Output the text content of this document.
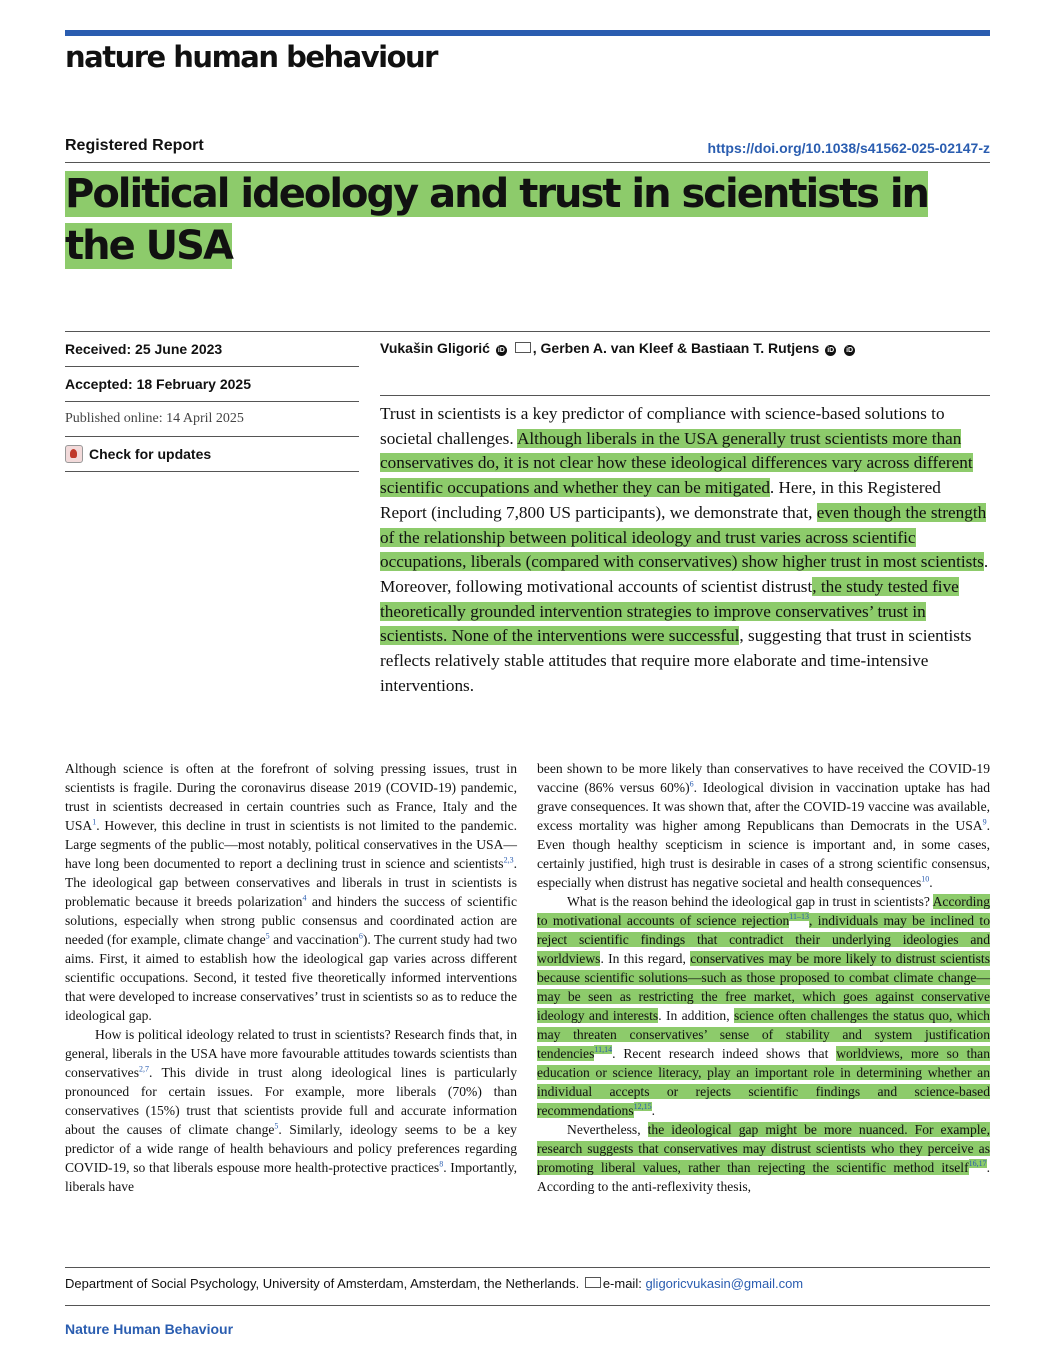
nature human behaviour
Registered Report	https://doi.org/10.1038/s41562-025-02147-z
Political ideology and trust in scientists in the USA
Received: 25 June 2023
Accepted: 18 February 2025
Published online: 14 April 2025
Check for updates
Vukašin Gligorić iD , Gerben A. van Kleef & Bastiaan T. Rutjens iD iD

Trust in scientists is a key predictor of compliance with science-based solutions to societal challenges. Although liberals in the USA generally trust scientists more than conservatives do, it is not clear how these ideological differences vary across different scientific occupations and whether they can be mitigated. Here, in this Registered Report (including 7,800 US participants), we demonstrate that, even though the strength of the relationship between political ideology and trust varies across scientific occupations, liberals (compared with conservatives) show higher trust in most scientists. Moreover, following motivational accounts of scientist distrust, the study tested five theoretically grounded intervention strategies to improve conservatives’ trust in scientists. None of the interventions were successful, suggesting that trust in scientists reflects relatively stable attitudes that require more elaborate and time-intensive interventions.

Although science is often at the forefront of solving pressing issues, trust in scientists is fragile. During the coronavirus disease 2019 (COVID-19) pandemic, trust in scientists decreased in certain countries such as France, Italy and the USA$^1$. However, this decline in trust in scientists is not limited to the pandemic. Large segments of the public—most notably, political conservatives in the USA—have long been documented to report a declining trust in science and scientists$^{2,3}$. The ideological gap between conservatives and liberals in trust in scientists is problematic because it breeds polarization$^4$ and hinders the success of scientific solutions, especially when strong public consensus and coordinated action are needed (for example, climate change$^5$ and vaccination$^6$). The current study had two aims. First, it aimed to establish how the ideological gap varies across different scientific occupations. Second, it tested five theoretically informed interventions that were developed to increase conservatives’ trust in scientists so as to reduce the ideological gap.

How is political ideology related to trust in scientists? Research finds that, in general, liberals in the USA have more favourable attitudes towards scientists than conservatives$^{2,7}$. This divide in trust along ideological lines is particularly pronounced for certain issues. For example, more liberals (70%) than conservatives (15%) trust that scientists provide full and accurate information about the causes of climate change$^5$. Similarly, ideology seems to be a key predictor of a wide range of health behaviours and policy preferences regarding COVID-19, so that liberals espouse more health-protective practices$^8$. Importantly, liberals have

been shown to be more likely than conservatives to have received the COVID-19 vaccine (86% versus 60%)$^6$. Ideological division in vaccination uptake has had grave consequences. It was shown that, after the COVID-19 vaccine was available, excess mortality was higher among Republicans than Democrats in the USA$^9$. Even though healthy scepticism in science is important and, in some cases, certainly justified, high trust is desirable in cases of a strong scientific consensus, especially when distrust has negative societal and health consequences$^{10}$.

What is the reason behind the ideological gap in trust in scientists? According to motivational accounts of science rejection$^{11-13}$, individuals may be inclined to reject scientific findings that contradict their underlying ideologies and worldviews. In this regard, conservatives may be more likely to distrust scientists because scientific solutions—such as those proposed to combat climate change—may be seen as restricting the free market, which goes against conservative ideology and interests. In addition, science often challenges the status quo, which may threaten conservatives’ sense of stability and system justification tendencies$^{11,14}$. Recent research indeed shows that worldviews, more so than education or science literacy, play an important role in determining whether an individual accepts or rejects scientific findings and science-based recommendations$^{12,15}$.

Nevertheless, the ideological gap might be more nuanced. For example, research suggests that conservatives may distrust scientists who they perceive as promoting liberal values, rather than rejecting the scientific method itself$^{16,17}$. According to the anti-reflexivity thesis,

Department of Social Psychology, University of Amsterdam, Amsterdam, the Netherlands. e-mail: gligoricvukasin@gmail.com
Nature Human Behaviour
